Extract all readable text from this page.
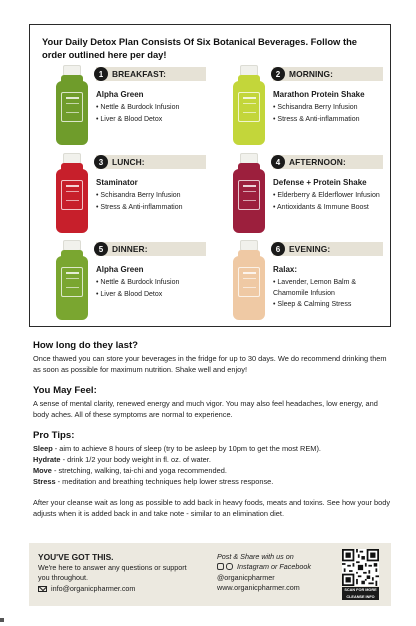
Your Daily Detox Plan Consists Of Six Botanical Beverages. Follow the order outlined here per day!
1	BREAKFAST:
Alpha Green
• Nettle & Burdock Infusion
• Liver & Blood Detox
2	MORNING:
Marathon Protein Shake
• Schisandra Berry Infusion
• Stress & Anti-inflammation
3	LUNCH:
Staminator
• Schisandra Berry Infusion
• Stress & Anti-inflammation
4	AFTERNOON:
Defense + Protein Shake
• Elderberry & Elderflower Infusion
• Antioxidants & Immune Boost
5	DINNER:
Alpha Green
• Nettle & Burdock Infusion
• Liver & Blood Detox
6	EVENING:
Ralax:
• Lavender, Lemon Balm & Chamomile Infusion
• Sleep & Calming Stress
How long do they last?
Once thawed you can store your beverages in the fridge for up to 30 days. We do recommend drinking them as soon as possible for maximum nutrition. Shake well and enjoy!
You May Feel:
A sense of mental clarity, renewed energy and much vigor. You may also feel headaches, low energy, and body aches. All of these symptoms are normal to experience.
Pro Tips:
Sleep - aim to achieve 8 hours of sleep (try to be asleep by 10pm to get the most REM).
Hydrate - drink 1/2 your body weight in fl. oz. of water.
Move - stretching, walking, tai-chi and yoga recommended.
Stress - meditation and breathing techniques help lower stress response.
After your cleanse wait as long as possible to add back in heavy foods, meats and toxins. See how your body adjusts when it is added back in and take note - similar to an elimination diet.
YOU'VE GOT THIS.
We're here to answer any questions or support you throughout.
info@organicpharmer.com
Post & Share with us on
Instagram or Facebook
@organicpharmer
www.organicpharmer.com	SCAN FOR MORE
CLEANSE INFO
